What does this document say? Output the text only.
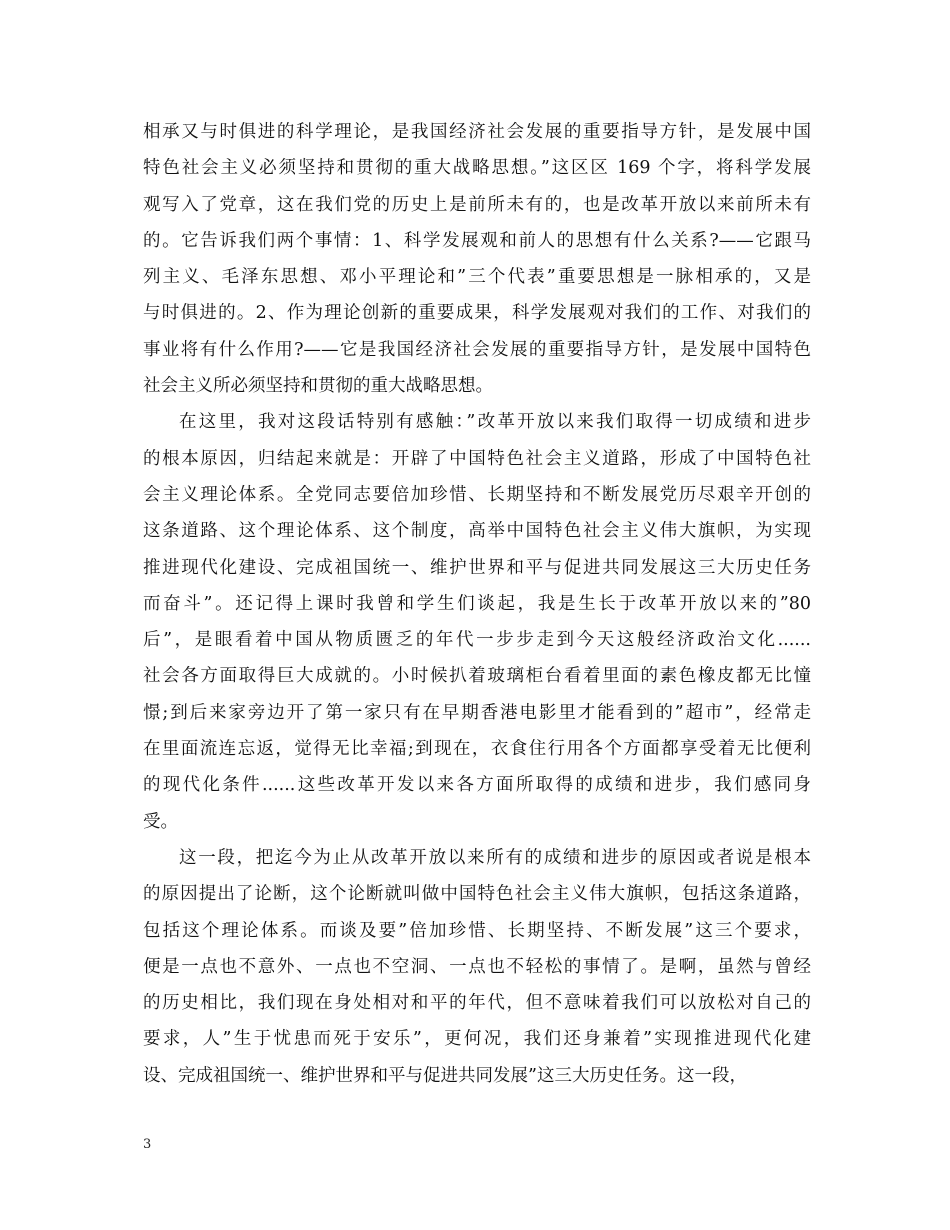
相承又与时俱进的科学理论，是我国经济社会发展的重要指导方针，是发展中国
特色社会主义必须坚持和贯彻的重大战略思想。”这区区 169 个字，将科学发展
观写入了党章，这在我们党的历史上是前所未有的，也是改革开放以来前所未有
的。它告诉我们两个事情：1、科学发展观和前人的思想有什么关系?——它跟马
列主义、毛泽东思想、邓小平理论和”三个代表”重要思想是一脉相承的，又是
与时俱进的。2、作为理论创新的重要成果，科学发展观对我们的工作、对我们的
事业将有什么作用?——它是我国经济社会发展的重要指导方针，是发展中国特色
社会主义所必须坚持和贯彻的重大战略思想。
在这里，我对这段话特别有感触：”改革开放以来我们取得一切成绩和进步
的根本原因，归结起来就是：开辟了中国特色社会主义道路，形成了中国特色社
会主义理论体系。全党同志要倍加珍惜、长期坚持和不断发展党历尽艰辛开创的
这条道路、这个理论体系、这个制度，高举中国特色社会主义伟大旗帜，为实现
推进现代化建设、完成祖国统一、维护世界和平与促进共同发展这三大历史任务
而奋斗”。还记得上课时我曾和学生们谈起，我是生长于改革开放以来的”80
后”，是眼看着中国从物质匮乏的年代一步步走到今天这般经济政治文化......
社会各方面取得巨大成就的。小时候扒着玻璃柜台看着里面的素色橡皮都无比憧
憬;到后来家旁边开了第一家只有在早期香港电影里才能看到的”超市”，经常走
在里面流连忘返，觉得无比幸福;到现在，衣食住行用各个方面都享受着无比便利
的现代化条件......这些改革开发以来各方面所取得的成绩和进步，我们感同身
受。
这一段，把迄今为止从改革开放以来所有的成绩和进步的原因或者说是根本
的原因提出了论断，这个论断就叫做中国特色社会主义伟大旗帜，包括这条道路，
包括这个理论体系。而谈及要”倍加珍惜、长期坚持、不断发展”这三个要求，
便是一点也不意外、一点也不空洞、一点也不轻松的事情了。是啊，虽然与曾经
的历史相比，我们现在身处相对和平的年代，但不意味着我们可以放松对自己的
要求，人”生于忧患而死于安乐”，更何况，我们还身兼着”实现推进现代化建
设、完成祖国统一、维护世界和平与促进共同发展”这三大历史任务。这一段，
3
